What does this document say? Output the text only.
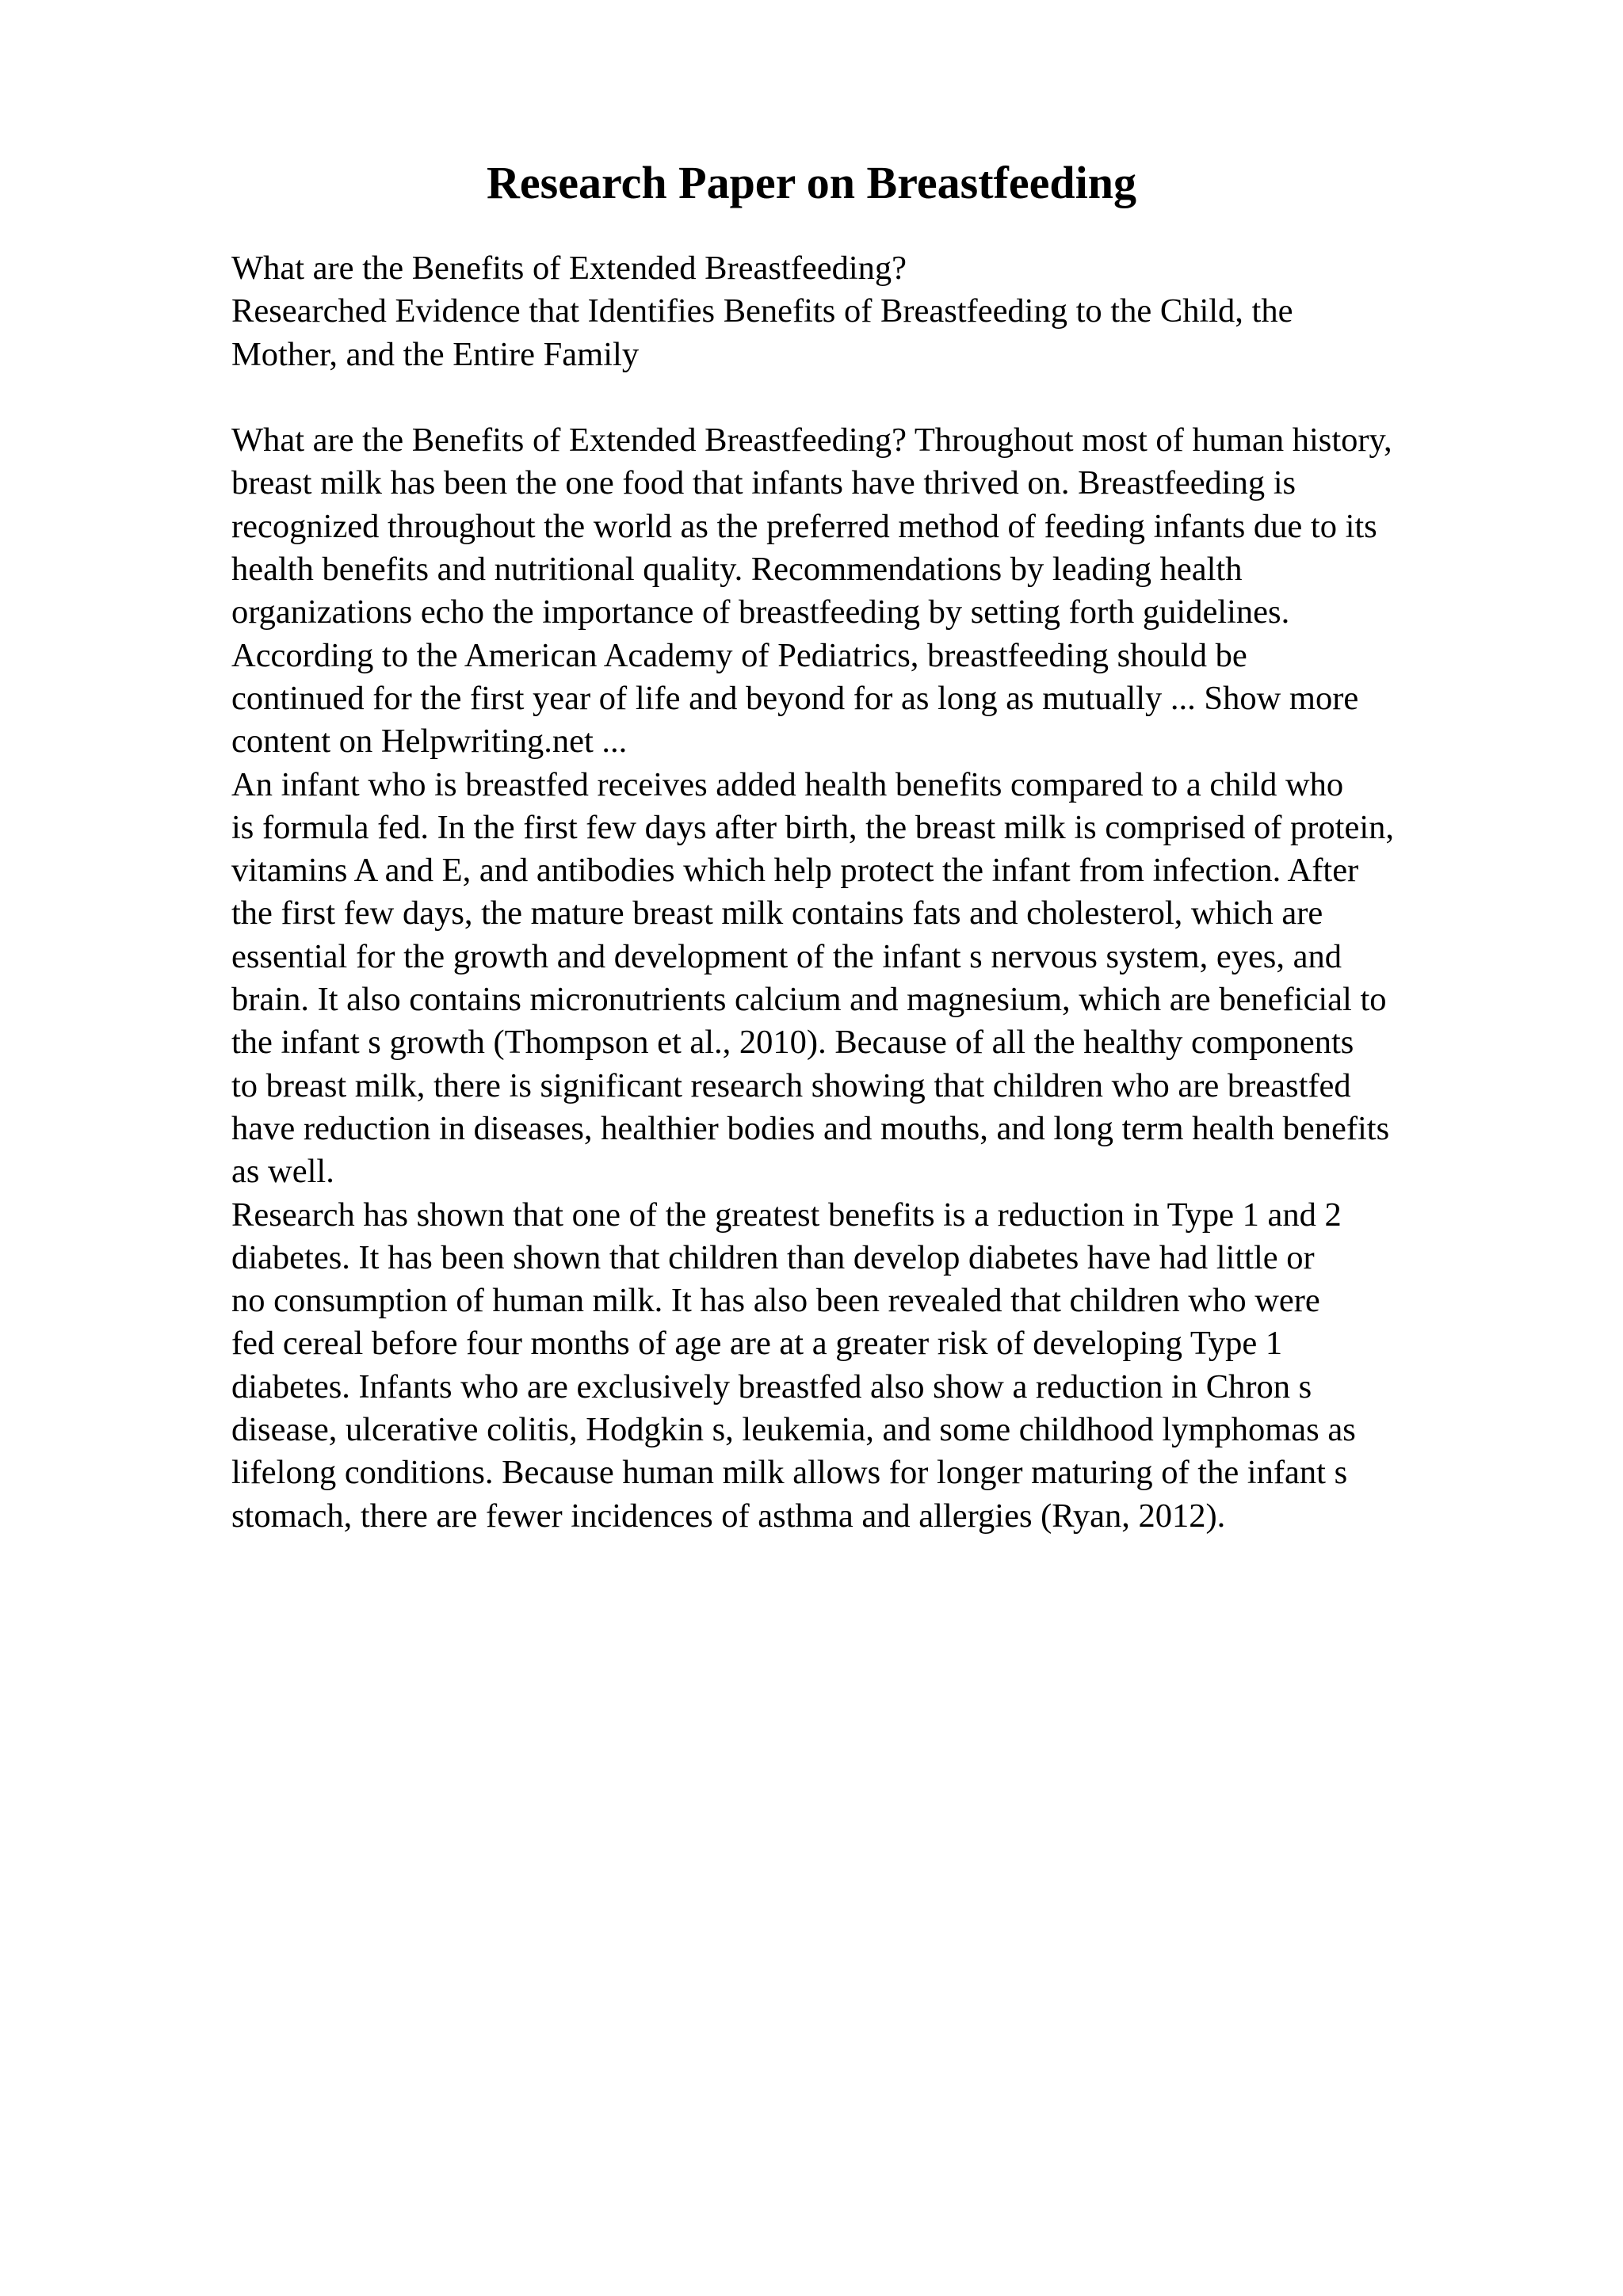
Research Paper on Breastfeeding
What are the Benefits of Extended Breastfeeding?
Researched Evidence that Identifies Benefits of Breastfeeding to the Child, the
Mother, and the Entire Family
What are the Benefits of Extended Breastfeeding? Throughout most of human history,
breast milk has been the one food that infants have thrived on. Breastfeeding is
recognized throughout the world as the preferred method of feeding infants due to its
health benefits and nutritional quality. Recommendations by leading health
organizations echo the importance of breastfeeding by setting forth guidelines.
According to the American Academy of Pediatrics, breastfeeding should be
continued for the first year of life and beyond for as long as mutually ... Show more
content on Helpwriting.net ...
An infant who is breastfed receives added health benefits compared to a child who
is formula fed. In the first few days after birth, the breast milk is comprised of protein,
vitamins A and E, and antibodies which help protect the infant from infection. After
the first few days, the mature breast milk contains fats and cholesterol, which are
essential for the growth and development of the infant s nervous system, eyes, and
brain. It also contains micronutrients calcium and magnesium, which are beneficial to
the infant s growth (Thompson et al., 2010). Because of all the healthy components
to breast milk, there is significant research showing that children who are breastfed
have reduction in diseases, healthier bodies and mouths, and long term health benefits
as well.
Research has shown that one of the greatest benefits is a reduction in Type 1 and 2
diabetes. It has been shown that children than develop diabetes have had little or
no consumption of human milk. It has also been revealed that children who were
fed cereal before four months of age are at a greater risk of developing Type 1
diabetes. Infants who are exclusively breastfed also show a reduction in Chron s
disease, ulcerative colitis, Hodgkin s, leukemia, and some childhood lymphomas as
lifelong conditions. Because human milk allows for longer maturing of the infant s
stomach, there are fewer incidences of asthma and allergies (Ryan, 2012).
